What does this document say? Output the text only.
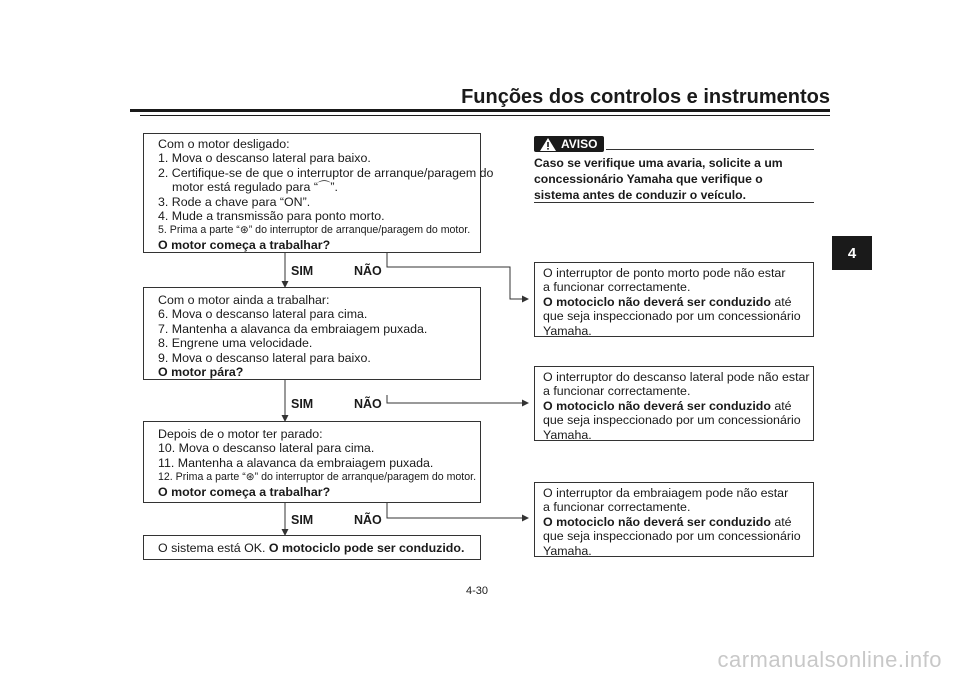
Funções dos controlos e instrumentos
4
Com o motor desligado:
1. Mova o descanso lateral para baixo.
2. Certifique-se de que o interruptor de arranque/paragem do
motor está regulado para “⌒”.
3. Rode a chave para “ON”.
4. Mude a transmissão para ponto morto.
5. Prima a parte “⊛” do interruptor de arranque/paragem do motor.
O motor começa a trabalhar?
SIM	NÃO
Com o motor ainda a trabalhar:
6. Mova o descanso lateral para cima.
7. Mantenha a alavanca da embraiagem puxada.
8. Engrene uma velocidade.
9. Mova o descanso lateral para baixo.
O motor pára?
SIM	NÃO
Depois de o motor ter parado:
10. Mova o descanso lateral para cima.
11. Mantenha a alavanca da embraiagem puxada.
12. Prima a parte “⊛” do interruptor de arranque/paragem do motor.
O motor começa a trabalhar?
SIM	NÃO
O sistema está OK. O motociclo pode ser conduzido.
AVISO
Caso se verifique uma avaria, solicite a um
concessionário Yamaha que verifique o
sistema antes de conduzir o veículo.
O interruptor de ponto morto pode não estar
a funcionar correctamente.
O motociclo não deverá ser conduzido até
que seja inspeccionado por um concessionário
Yamaha.
O interruptor do descanso lateral pode não estar
a funcionar correctamente.
O motociclo não deverá ser conduzido até
que seja inspeccionado por um concessionário
Yamaha.
O interruptor da embraiagem pode não estar
a funcionar correctamente.
O motociclo não deverá ser conduzido até
que seja inspeccionado por um concessionário
Yamaha.
4-30
carmanualsonline.info
